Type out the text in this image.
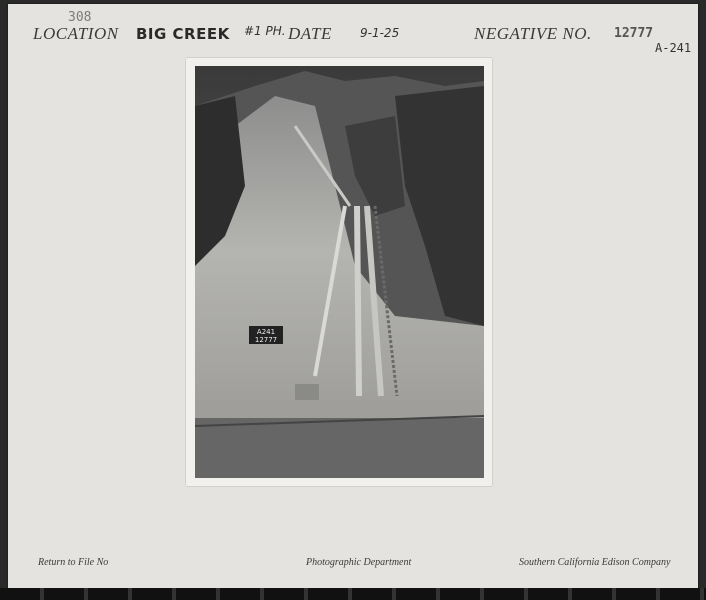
308
LOCATION BIG CREEK #1 PH. DATE 9-1-25	NEGATIVE NO. 12777
A-241
A241
12777
Return to File No	Photographic Department	Southern California Edison Company
